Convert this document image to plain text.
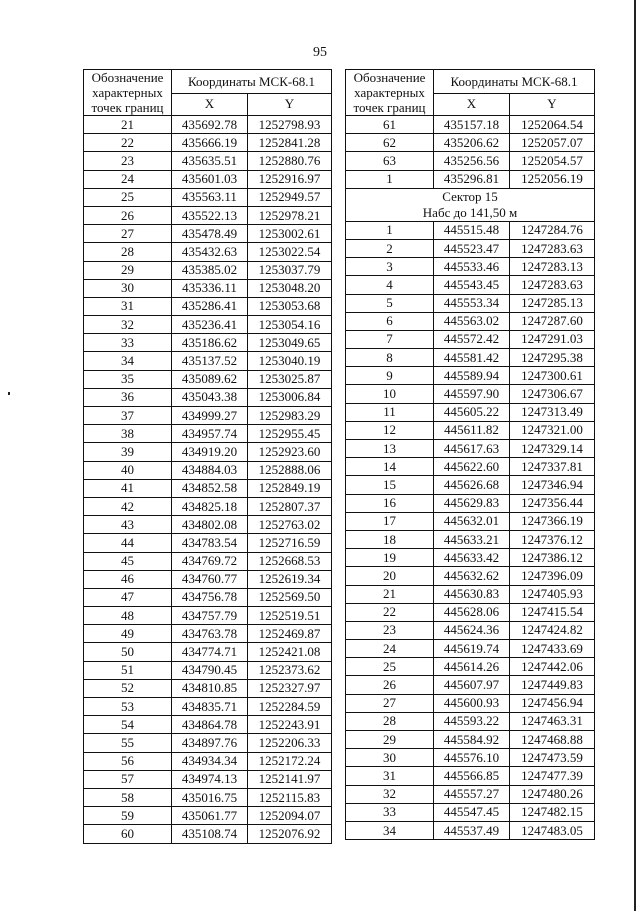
95
Обозначение характерных точек границ	Координаты МСК-68.1	
	X	Y
21	435692.78	1252798.93
22	435666.19	1252841.28
23	435635.51	1252880.76
24	435601.03	1252916.97
25	435563.11	1252949.57
26	435522.13	1252978.21
27	435478.49	1253002.61
28	435432.63	1253022.54
29	435385.02	1253037.79
30	435336.11	1253048.20
31	435286.41	1253053.68
32	435236.41	1253054.16
33	435186.62	1253049.65
34	435137.52	1253040.19
35	435089.62	1253025.87
36	435043.38	1253006.84
37	434999.27	1252983.29
38	434957.74	1252955.45
39	434919.20	1252923.60
40	434884.03	1252888.06
41	434852.58	1252849.19
42	434825.18	1252807.37
43	434802.08	1252763.02
44	434783.54	1252716.59
45	434769.72	1252668.53
46	434760.77	1252619.34
47	434756.78	1252569.50
48	434757.79	1252519.51
49	434763.78	1252469.87
50	434774.71	1252421.08
51	434790.45	1252373.62
52	434810.85	1252327.97
53	434835.71	1252284.59
54	434864.78	1252243.91
55	434897.76	1252206.33
56	434934.34	1252172.24
57	434974.13	1252141.97
58	435016.75	1252115.83
59	435061.77	1252094.07
60	435108.74	1252076.92
Обозначение характерных точек границ	Координаты МСК-68.1	
	X	Y
61	435157.18	1252064.54
62	435206.62	1252057.07
63	435256.56	1252054.57
1	435296.81	1252056.19

Сектор 15
Набс до 141,50 м		

1	445515.48	1247284.76
2	445523.47	1247283.63
3	445533.46	1247283.13
4	445543.45	1247283.63
5	445553.34	1247285.13
6	445563.02	1247287.60
7	445572.42	1247291.03
8	445581.42	1247295.38
9	445589.94	1247300.61
10	445597.90	1247306.67
11	445605.22	1247313.49
12	445611.82	1247321.00
13	445617.63	1247329.14
14	445622.60	1247337.81
15	445626.68	1247346.94
16	445629.83	1247356.44
17	445632.01	1247366.19
18	445633.21	1247376.12
19	445633.42	1247386.12
20	445632.62	1247396.09
21	445630.83	1247405.93
22	445628.06	1247415.54
23	445624.36	1247424.82
24	445619.74	1247433.69
25	445614.26	1247442.06
26	445607.97	1247449.83
27	445600.93	1247456.94
28	445593.22	1247463.31
29	445584.92	1247468.88
30	445576.10	1247473.59
31	445566.85	1247477.39
32	445557.27	1247480.26
33	445547.45	1247482.15
34	445537.49	1247483.05
